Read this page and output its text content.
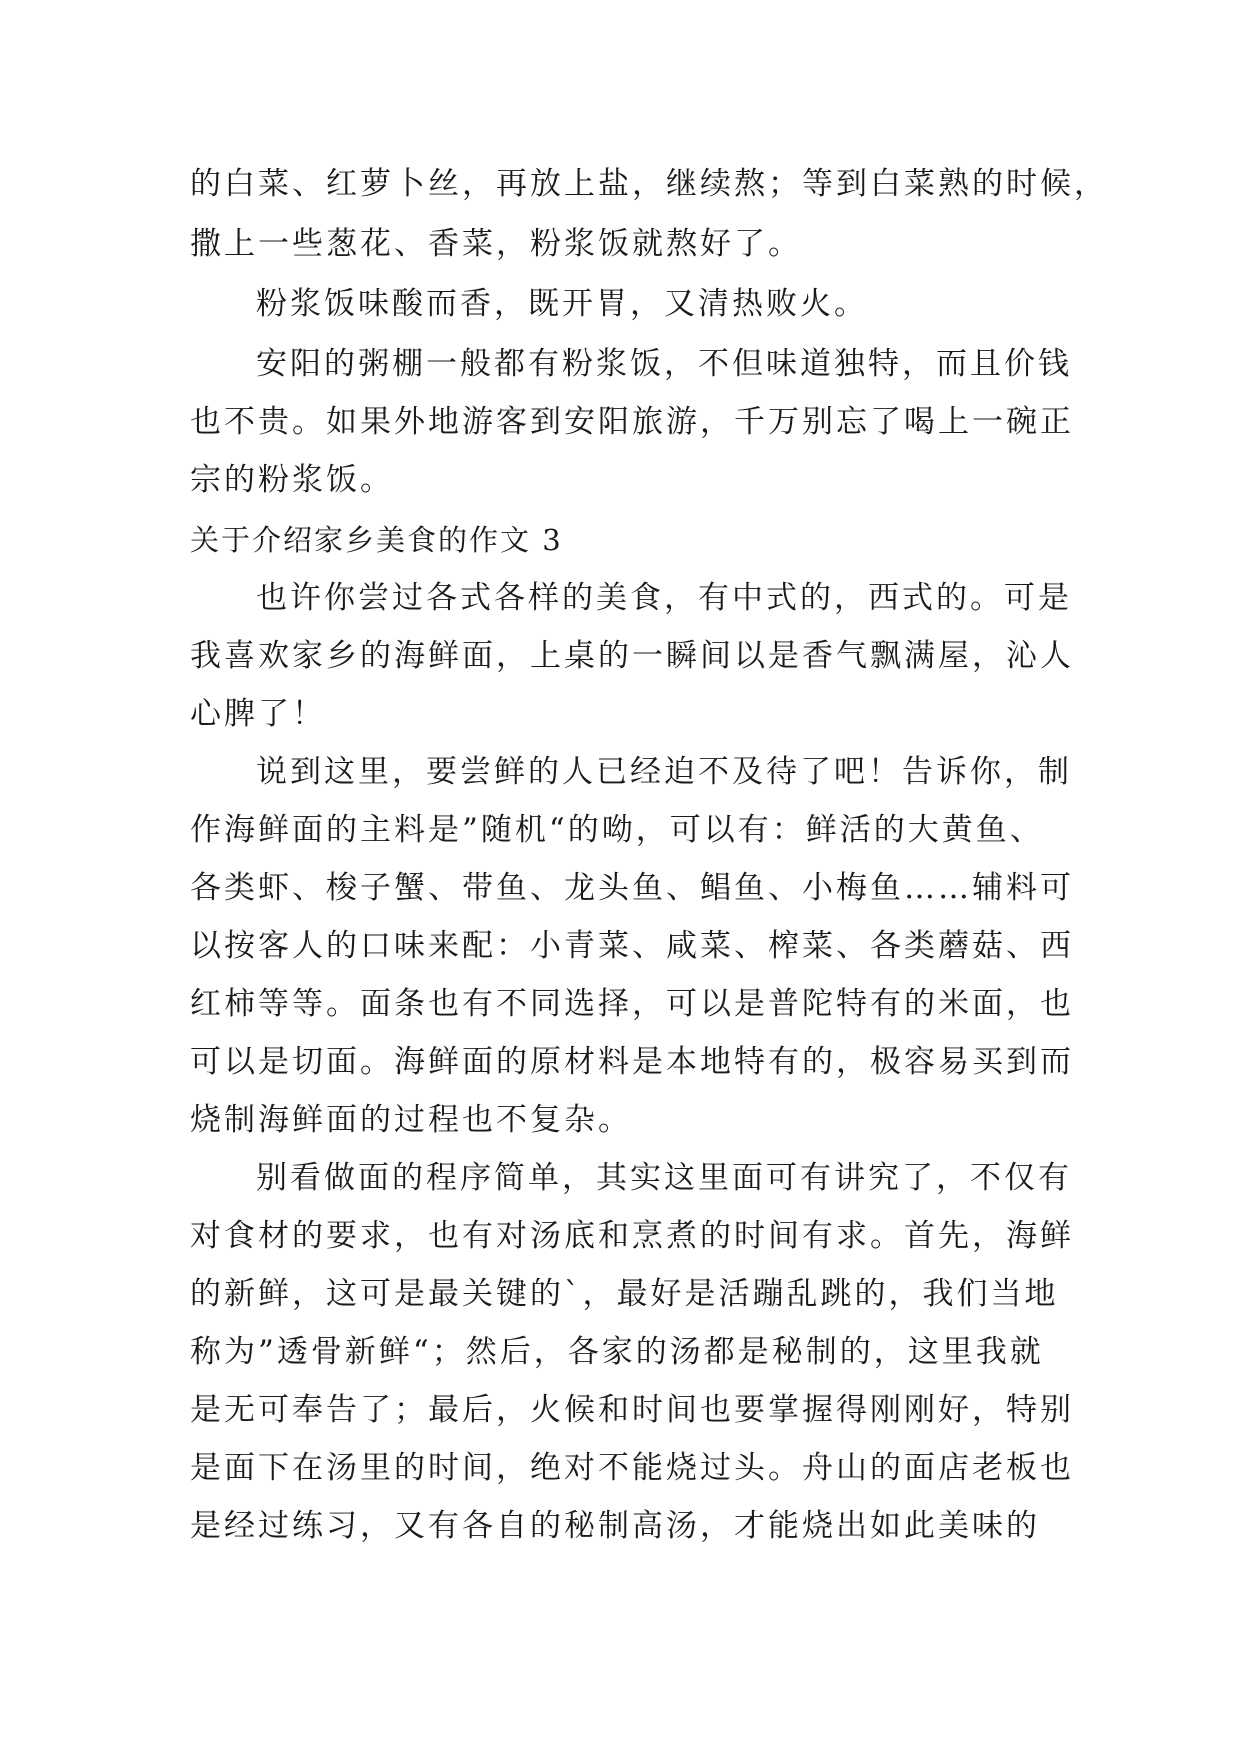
的白菜、红萝卜丝，再放上盐，继续熬；等到白菜熟的时候，
撒上一些葱花、香菜，粉浆饭就熬好了。
粉浆饭味酸而香，既开胃，又清热败火。
安阳的粥棚一般都有粉浆饭，不但味道独特，而且价钱
也不贵。如果外地游客到安阳旅游，千万别忘了喝上一碗正
宗的粉浆饭。
关于介绍家乡美食的作文 3
也许你尝过各式各样的美食，有中式的，西式的。可是
我喜欢家乡的海鲜面，上桌的一瞬间以是香气飘满屋，沁人
心脾了！
说到这里，要尝鲜的人已经迫不及待了吧！告诉你，制
作海鲜面的主料是”随机“的呦，可以有：鲜活的大黄鱼、
各类虾、梭子蟹、带鱼、龙头鱼、鲳鱼、小梅鱼……辅料可
以按客人的口味来配：小青菜、咸菜、榨菜、各类蘑菇、西
红柿等等。面条也有不同选择，可以是普陀特有的米面，也
可以是切面。海鲜面的原材料是本地特有的，极容易买到而
烧制海鲜面的过程也不复杂。
别看做面的程序简单，其实这里面可有讲究了，不仅有
对食材的要求，也有对汤底和烹煮的时间有求。首先，海鲜
的新鲜，这可是最关键的`，最好是活蹦乱跳的，我们当地
称为”透骨新鲜“；然后，各家的汤都是秘制的，这里我就
是无可奉告了；最后，火候和时间也要掌握得刚刚好，特别
是面下在汤里的时间，绝对不能烧过头。舟山的面店老板也
是经过练习，又有各自的秘制高汤，才能烧出如此美味的
